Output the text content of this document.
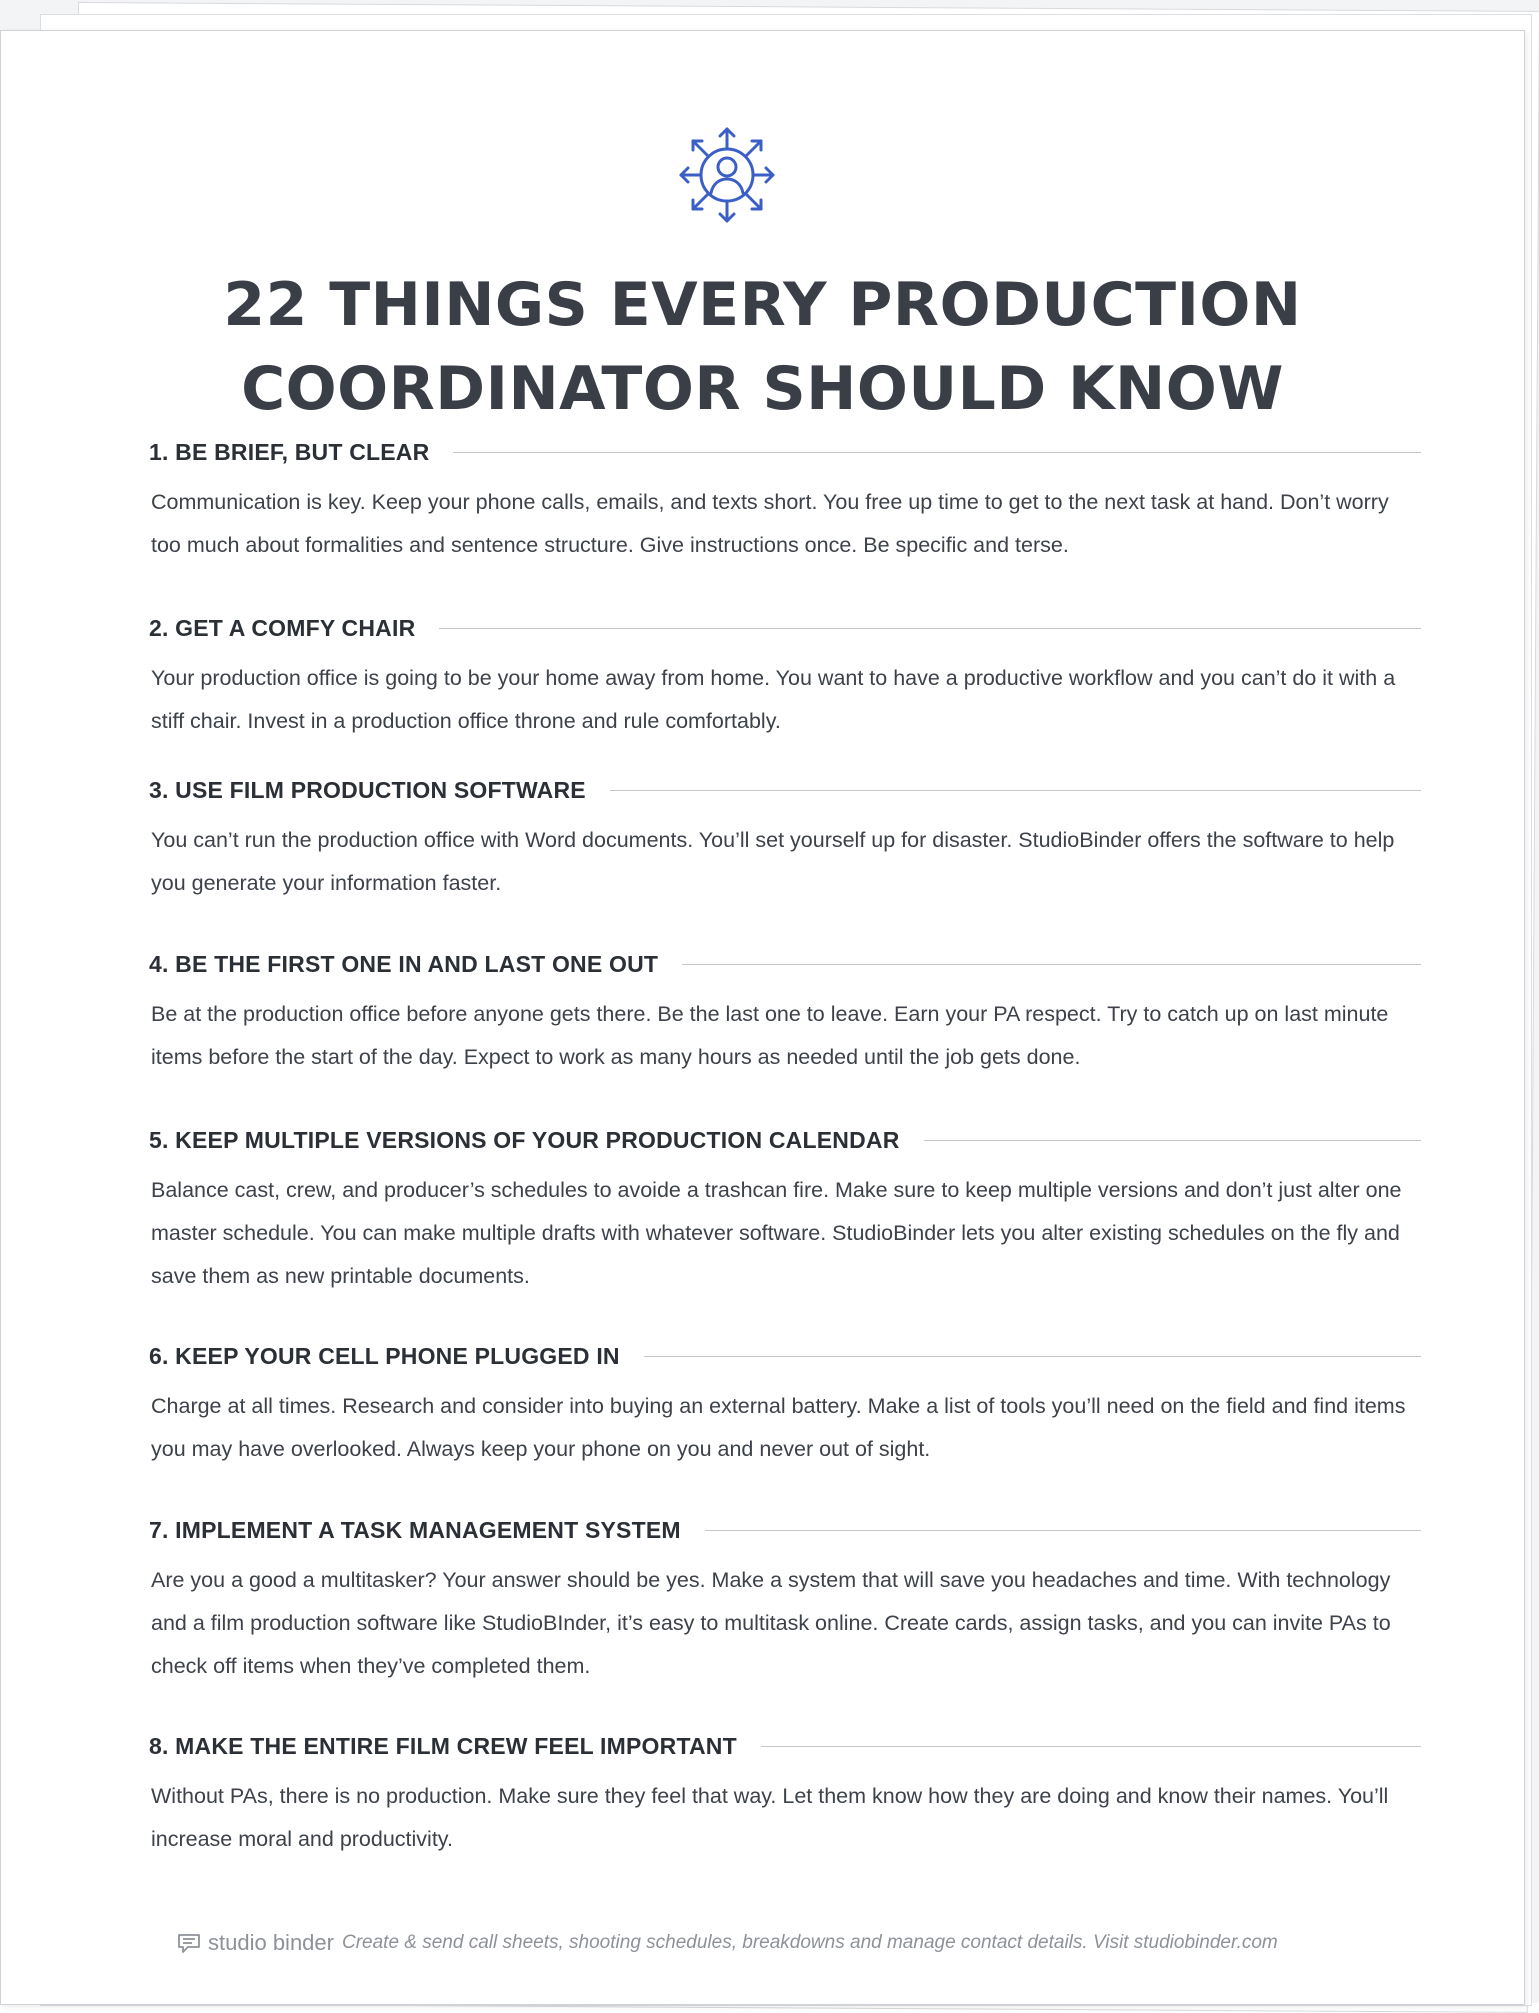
22 THINGS EVERY PRODUCTION
COORDINATOR SHOULD KNOW
1. BE BRIEF, BUT CLEAR
Communication is key. Keep your phone calls, emails, and texts short. You free up time to get to the next task at hand. Don’t worry too much about formalities and sentence structure. Give instructions once. Be specific and terse.
2. GET A COMFY CHAIR
Your production office is going to be your home away from home. You want to have a productive workflow and you can’t do it with a stiff chair. Invest in a production office throne and rule comfortably.
3. USE FILM PRODUCTION SOFTWARE
You can’t run the production office with Word documents. You’ll set yourself up for disaster. StudioBinder offers the software to help you generate your information faster.
4. BE THE FIRST ONE IN AND LAST ONE OUT
Be at the production office before anyone gets there. Be the last one to leave. Earn your PA respect. Try to catch up on last minute items before the start of the day. Expect to work as many hours as needed until the job gets done.
5. KEEP MULTIPLE VERSIONS OF YOUR PRODUCTION CALENDAR
Balance cast, crew, and producer’s schedules to avoide a trashcan fire. Make sure to keep multiple versions and don’t just alter one master schedule. You can make multiple drafts with whatever software. StudioBinder lets you alter existing schedules on the fly and save them as new printable documents.
6. KEEP YOUR CELL PHONE PLUGGED IN
Charge at all times. Research and consider into buying an external battery. Make a list of tools you’ll need on the field and find items you may have overlooked. Always keep your phone on you and never out of sight.
7. IMPLEMENT A TASK MANAGEMENT SYSTEM
Are you a good a multitasker? Your answer should be yes. Make a system that will save you headaches and time. With technology and a film production software like StudioBInder, it’s easy to multitask online. Create cards, assign tasks, and you can invite PAs to check off items when they’ve completed them.
8. MAKE THE ENTIRE FILM CREW FEEL IMPORTANT
Without PAs, there is no production. Make sure they feel that way. Let them know how they are doing and know their names. You’ll increase moral and productivity.
studio binder Create & send call sheets, shooting schedules, breakdowns and manage contact details. Visit studiobinder.com
